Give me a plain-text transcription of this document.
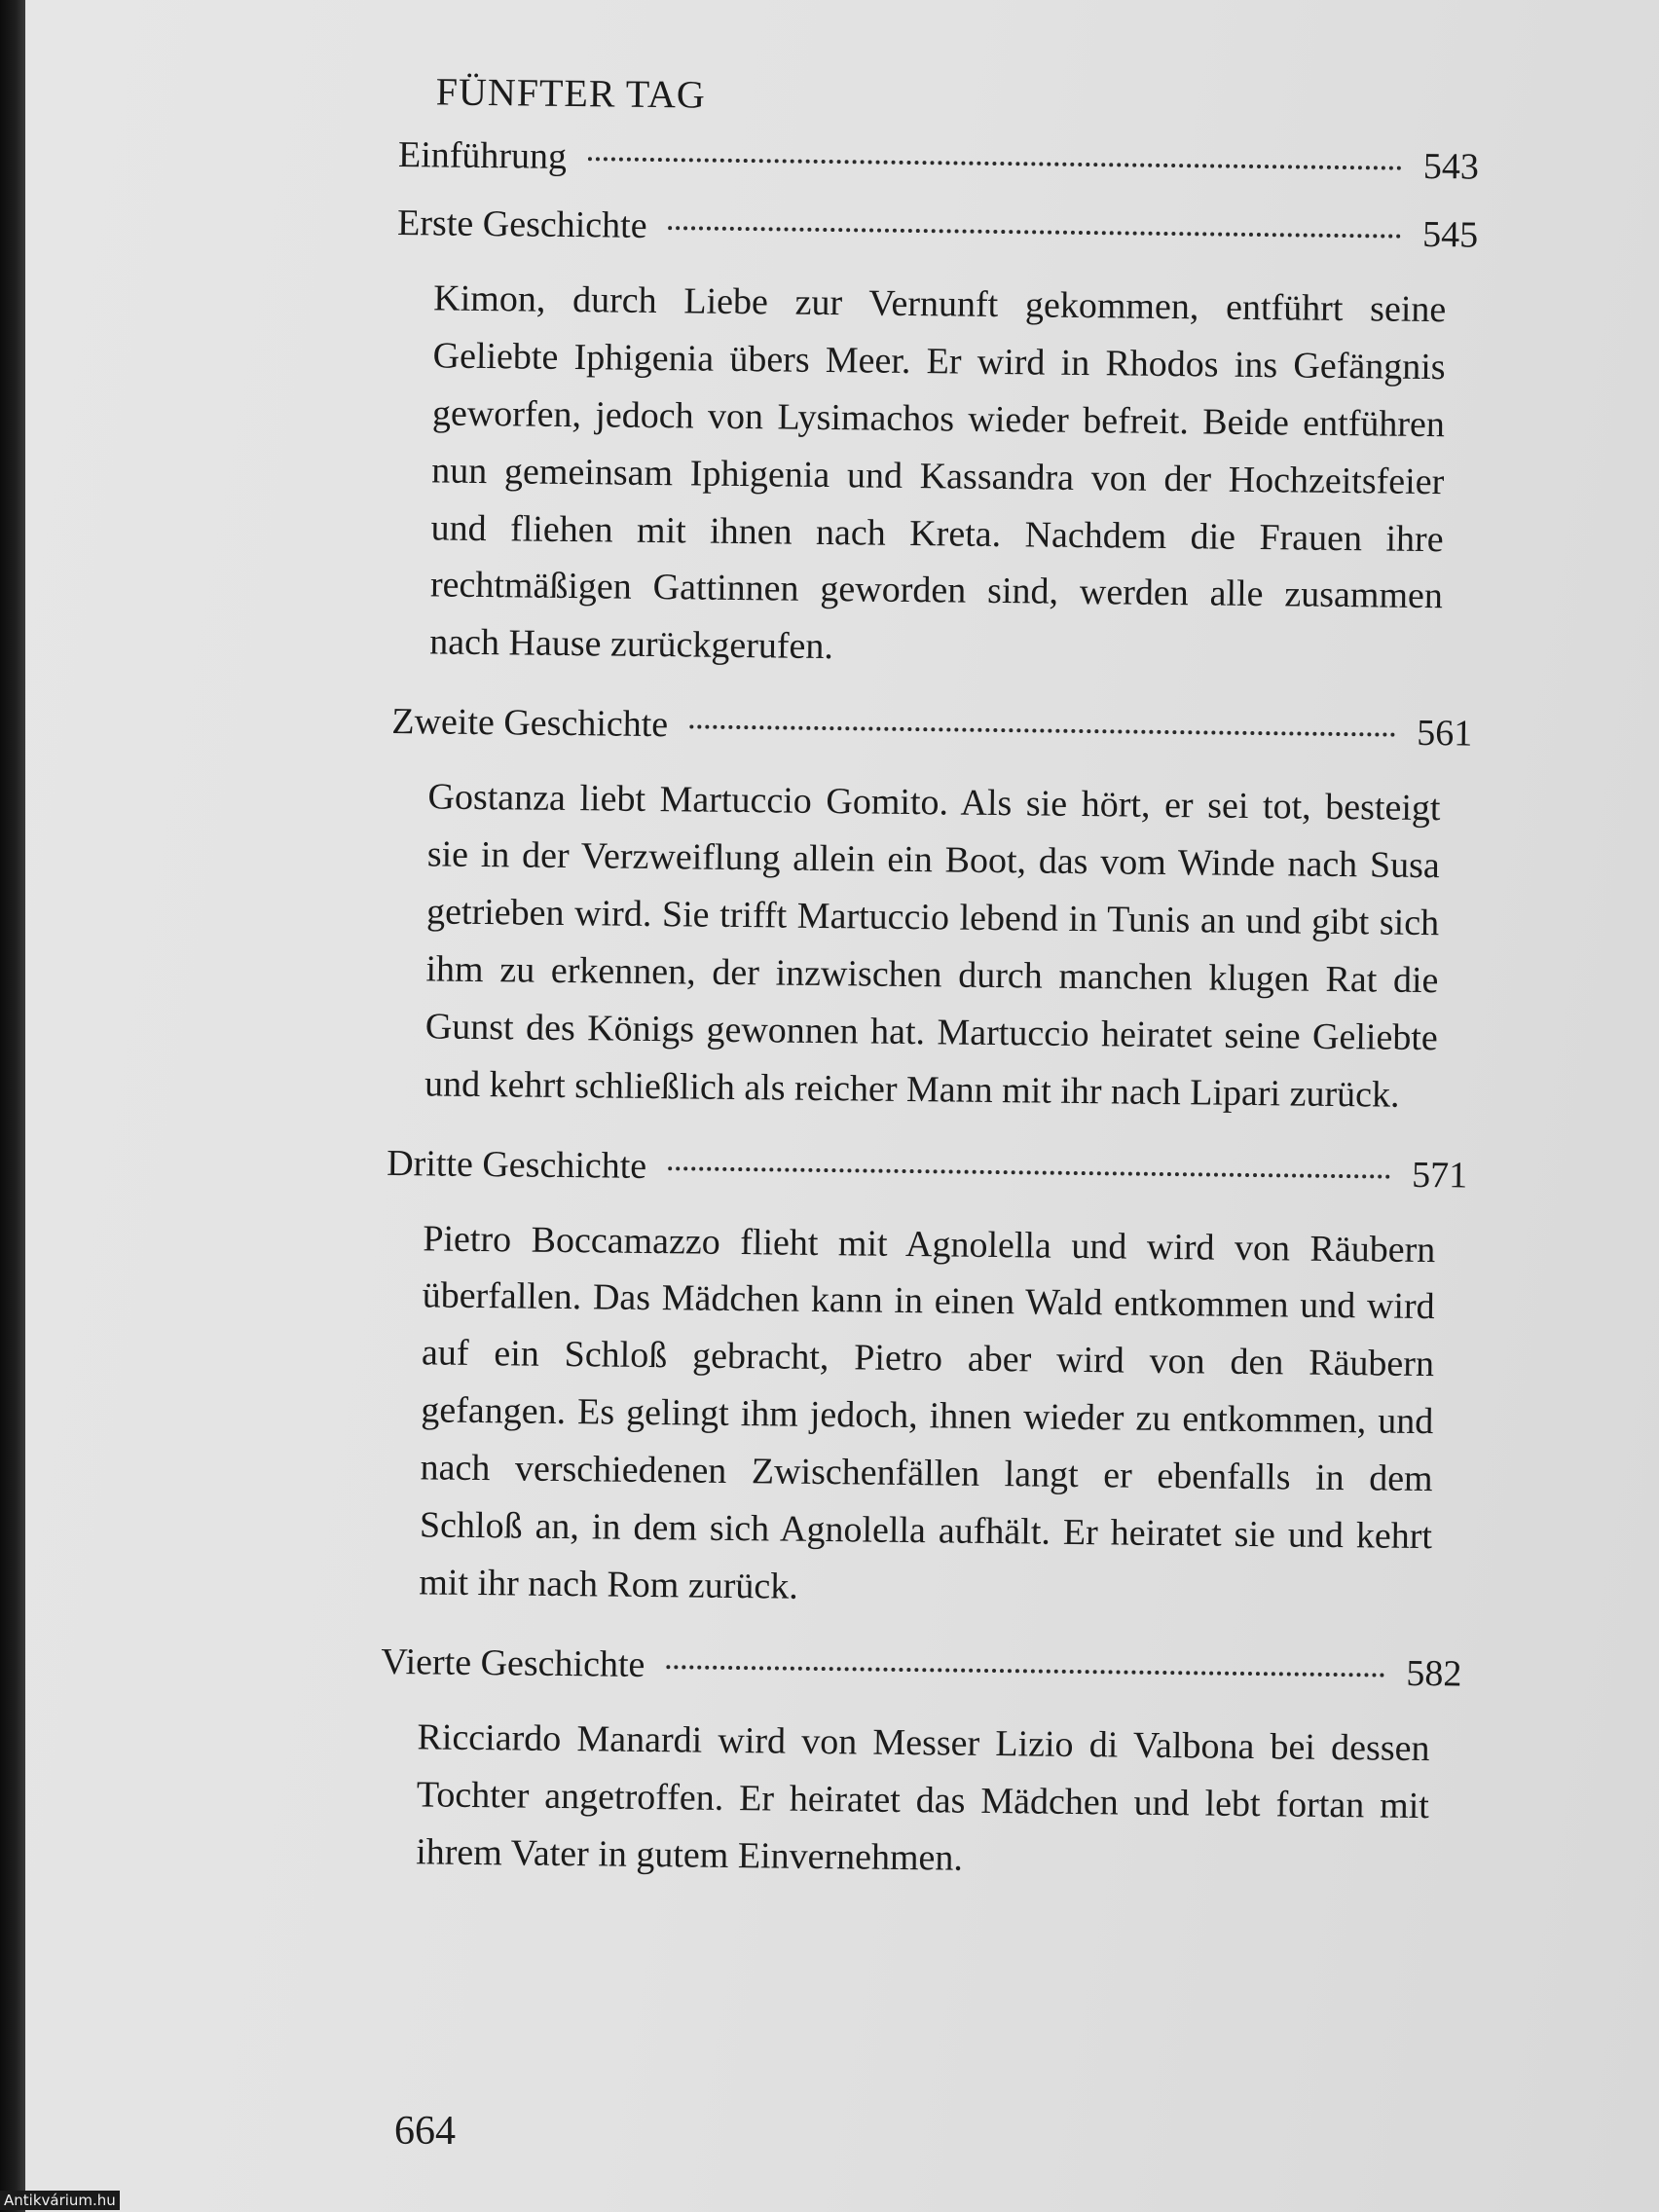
FÜNFTER TAG
Einführung	543
Erste Geschichte	545

Kimon, durch Liebe zur Vernunft gekommen, entführt seine Geliebte Iphigenia übers Meer. Er wird in Rhodos ins Gefängnis geworfen, jedoch von Lysimachos wieder befreit. Beide entführen nun gemeinsam Iphigenia und Kassandra von der Hochzeitsfeier und fliehen mit ihnen nach Kreta. Nachdem die Frauen ihre rechtmäßigen Gattinnen geworden sind, werden alle zusammen nach Hause zurückgerufen.

Zweite Geschichte	561

Gostanza liebt Martuccio Gomito. Als sie hört, er sei tot, besteigt sie in der Verzweiflung allein ein Boot, das vom Winde nach Susa getrieben wird. Sie trifft Martuccio lebend in Tunis an und gibt sich ihm zu erkennen, der inzwischen durch manchen klugen Rat die Gunst des Königs gewonnen hat. Martuccio heiratet seine Geliebte und kehrt schließlich als reicher Mann mit ihr nach Lipari zurück.

Dritte Geschichte	571

Pietro Boccamazzo flieht mit Agnolella und wird von Räubern überfallen. Das Mädchen kann in einen Wald entkommen und wird auf ein Schloß gebracht, Pietro aber wird von den Räubern gefangen. Es gelingt ihm jedoch, ihnen wieder zu entkommen, und nach verschiedenen Zwischenfällen langt er ebenfalls in dem Schloß an, in dem sich Agnolella aufhält. Er heiratet sie und kehrt mit ihr nach Rom zurück.

Vierte Geschichte	582

Ricciardo Manardi wird von Messer Lizio di Valbona bei dessen Tochter angetroffen. Er heiratet das Mädchen und lebt fortan mit ihrem Vater in gutem Einvernehmen.

664
Antikvárium.hu
